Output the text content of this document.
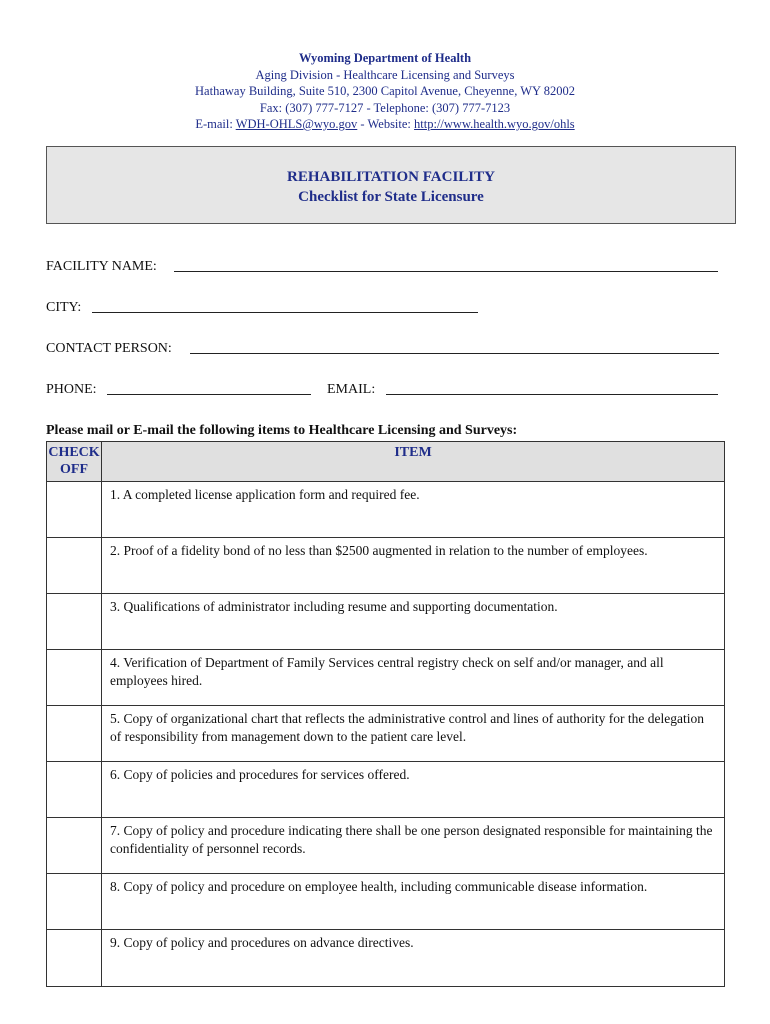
Wyoming Department of Health
Aging Division - Healthcare Licensing and Surveys
Hathaway Building, Suite 510, 2300 Capitol Avenue, Cheyenne, WY 82002
Fax: (307) 777-7127 - Telephone: (307) 777-7123
E-mail: WDH-OHLS@wyo.gov - Website: http://www.health.wyo.gov/ohls
REHABILITATION FACILITY
Checklist for State Licensure
FACILITY NAME:
CITY:
CONTACT PERSON:
PHONE:	EMAIL:
Please mail or E-mail the following items to Healthcare Licensing and Surveys:
CHECK OFF	ITEM
	1. A completed license application form and required fee.
	2. Proof of a fidelity bond of no less than $2500 augmented in relation to the number of employees.
	3. Qualifications of administrator including resume and supporting documentation.
	4. Verification of Department of Family Services central registry check on self and/or manager, and all employees hired.
	5. Copy of organizational chart that reflects the administrative control and lines of authority for the delegation of responsibility from management down to the patient care level.
	6. Copy of policies and procedures for services offered.
	7. Copy of policy and procedure indicating there shall be one person designated responsible for maintaining the confidentiality of personnel records.
	8. Copy of policy and procedure on employee health, including communicable disease information.
	9. Copy of policy and procedures on advance directives.
